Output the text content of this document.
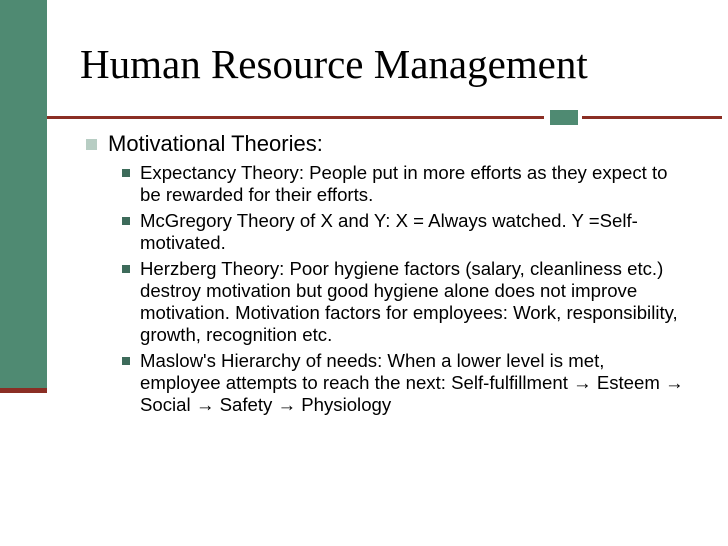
Human Resource Management
Motivational Theories:
Expectancy Theory: People put in more efforts as they expect to be rewarded for their efforts.
McGregory Theory of X and Y: X = Always watched. Y =Self-motivated.
Herzberg Theory: Poor hygiene factors (salary, cleanliness etc.) destroy motivation but good hygiene alone does not improve motivation. Motivation factors for employees: Work, responsibility, growth, recognition etc.
Maslow's Hierarchy of needs: When a lower level is met, employee attempts to reach the next: Self-fulfillment → Esteem → Social → Safety → Physiology
